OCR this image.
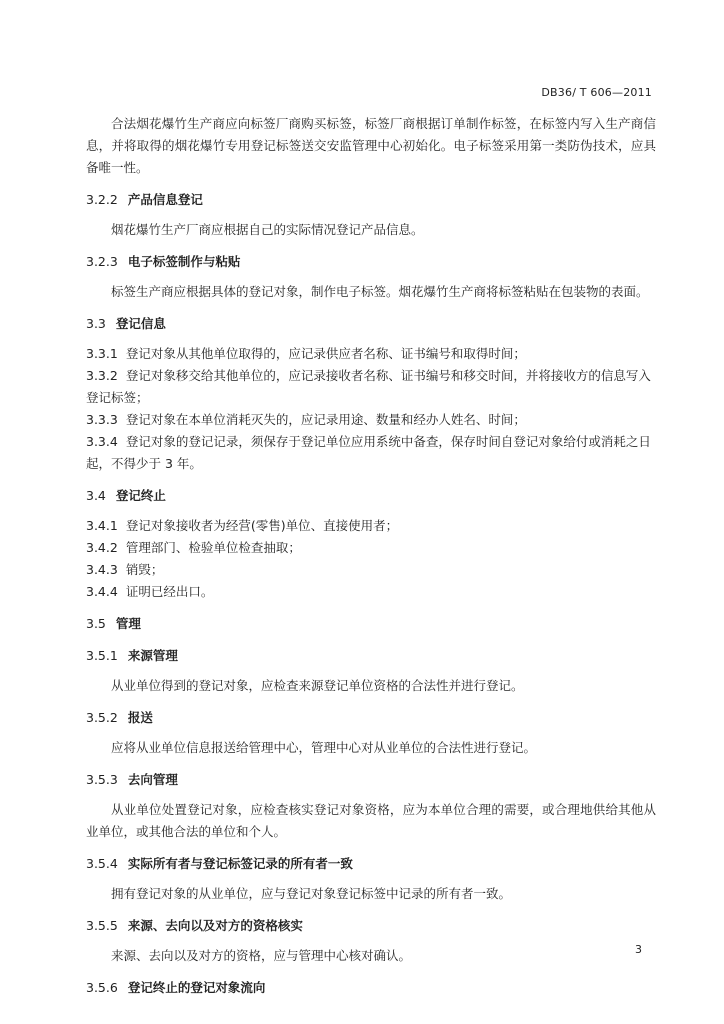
DB36/ T 606—2011
合法烟花爆竹生产商应向标签厂商购买标签，标签厂商根据订单制作标签，在标签内写入生产商信息，并将取得的烟花爆竹专用登记标签送交安监管理中心初始化。电子标签采用第一类防伪技术，应具备唯一性。
3.2.2 产品信息登记
烟花爆竹生产厂商应根据自己的实际情况登记产品信息。
3.2.3 电子标签制作与粘贴
标签生产商应根据具体的登记对象，制作电子标签。烟花爆竹生产商将标签粘贴在包装物的表面。
3.3 登记信息
3.3.1 登记对象从其他单位取得的，应记录供应者名称、证书编号和取得时间；
3.3.2 登记对象移交给其他单位的，应记录接收者名称、证书编号和移交时间，并将接收方的信息写入登记标签；
3.3.3 登记对象在本单位消耗灭失的，应记录用途、数量和经办人姓名、时间；
3.3.4 登记对象的登记记录，须保存于登记单位应用系统中备查，保存时间自登记对象给付或消耗之日起，不得少于 3 年。
3.4 登记终止
3.4.1 登记对象接收者为经营(零售)单位、直接使用者；
3.4.2 管理部门、检验单位检查抽取；
3.4.3 销毁；
3.4.4 证明已经出口。
3.5 管理
3.5.1 来源管理
从业单位得到的登记对象，应检查来源登记单位资格的合法性并进行登记。
3.5.2 报送
应将从业单位信息报送给管理中心，管理中心对从业单位的合法性进行登记。
3.5.3 去向管理
从业单位处置登记对象，应检查核实登记对象资格，应为本单位合理的需要，或合理地供给其他从业单位，或其他合法的单位和个人。
3.5.4 实际所有者与登记标签记录的所有者一致
拥有登记对象的从业单位，应与登记对象登记标签中记录的所有者一致。
3.5.5 来源、去向以及对方的资格核实
来源、去向以及对方的资格，应与管理中心核对确认。
3.5.6 登记终止的登记对象流向
3
